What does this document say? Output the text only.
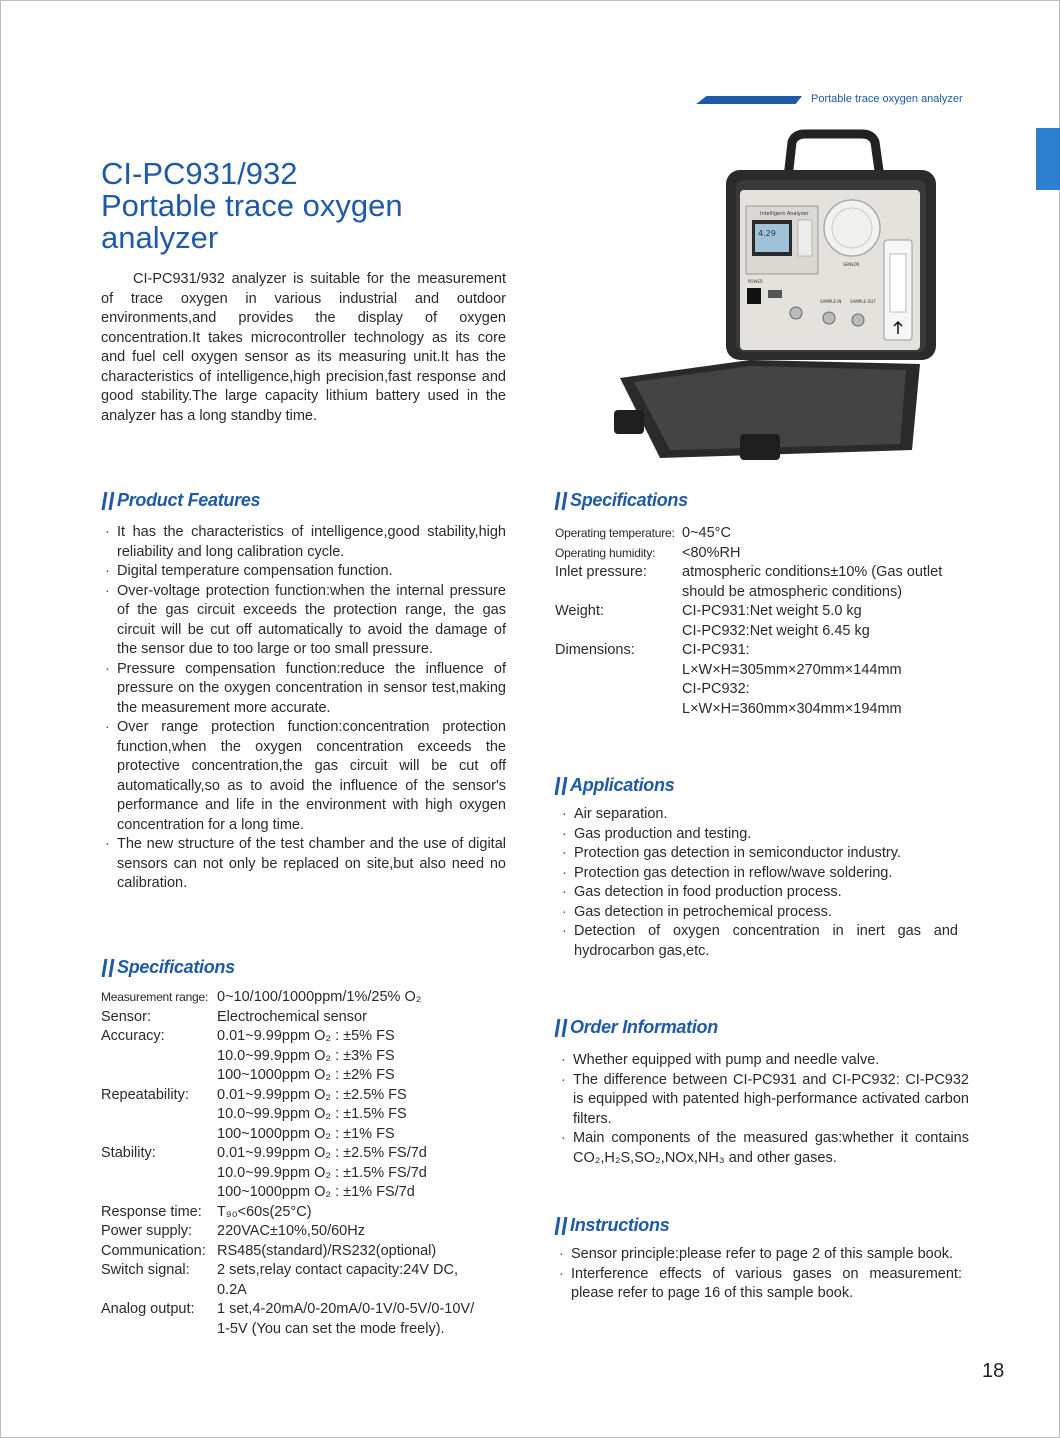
Portable trace oxygen analyzer
CI-PC931/932
Portable trace oxygen
analyzer
CI-PC931/932 analyzer is suitable for the measurement of trace oxygen in various industrial and outdoor environments,and provides the display of oxygen concentration.It takes microcontroller technology as its core and fuel cell oxygen sensor as its measuring unit.It has the characteristics of intelligence,high precision,fast response and good stability.The large capacity lithium battery used in the analyzer has a long standby time.
4.29
Intelligent Analyzer
SENSOR
POWER
SAMPLE IN SAMPLE OUT
Product Features
· It has the characteristics of intelligence,good stability,high reliability and long calibration cycle.
· Digital temperature compensation function.
· Over-voltage protection function:when the internal pressure of the gas circuit exceeds the protection range, the gas circuit will be cut off automatically to avoid the damage of the sensor due to too large or too small pressure.
· Pressure compensation function:reduce the influence of pressure on the oxygen concentration in sensor test,making the measurement more accurate.
· Over range protection function:concentration protection function,when the oxygen concentration exceeds the protective concentration,the gas circuit will be cut off automatically,so as to avoid the influence of the sensor's performance and life in the environment with high oxygen concentration for a long time.
· The new structure of the test chamber and the use of digital sensors can not only be replaced on site,but also need no calibration.
Specifications
Measurement range: 0~10/100/1000ppm/1%/25% O₂
Sensor:	Electrochemical sensor
Accuracy:	0.01~9.99ppm O₂ : ±5% FS
10.0~99.9ppm O₂ : ±3% FS
100~1000ppm O₂ : ±2% FS
Repeatability:	0.01~9.99ppm O₂ : ±2.5% FS
10.0~99.9ppm O₂ : ±1.5% FS
100~1000ppm O₂ : ±1% FS
Stability:	0.01~9.99ppm O₂ : ±2.5% FS/7d
10.0~99.9ppm O₂ : ±1.5% FS/7d
100~1000ppm O₂ : ±1% FS/7d
Response time:	T₉₀<60s(25°C)
Power supply:	220VAC±10%,50/60Hz
Communication: RS485(standard)/RS232(optional)
Switch signal:	2 sets,relay contact capacity:24V DC,
0.2A
Analog output:	1 set,4-20mA/0-20mA/0-1V/0-5V/0-10V/
1-5V (You can set the mode freely).
Specifications
Operating temperature: 0~45°C
Operating humidity:	<80%RH
Inlet pressure:	atmospheric conditions±10% (Gas outlet
should be atmospheric conditions)
Weight:	CI-PC931:Net weight 5.0 kg
CI-PC932:Net weight 6.45 kg
Dimensions:	CI-PC931:
L×W×H=305mm×270mm×144mm
CI-PC932:
L×W×H=360mm×304mm×194mm
Applications
· Air separation.
· Gas production and testing.
· Protection gas detection in semiconductor industry.
· Protection gas detection in reflow/wave soldering.
· Gas detection in food production process.
· Gas detection in petrochemical process.
· Detection of oxygen concentration in inert gas and hydrocarbon gas,etc.
Order Information
· Whether equipped with pump and needle valve.
· The difference between CI-PC931 and CI-PC932: CI-PC932 is equipped with patented high-performance activated carbon filters.
· Main components of the measured gas:whether it contains CO₂,H₂S,SO₂,NOx,NH₃ and other gases.
Instructions
· Sensor principle:please refer to page 2 of this sample book.
· Interference effects of various gases on measurement: please refer to page 16 of this sample book.
18
